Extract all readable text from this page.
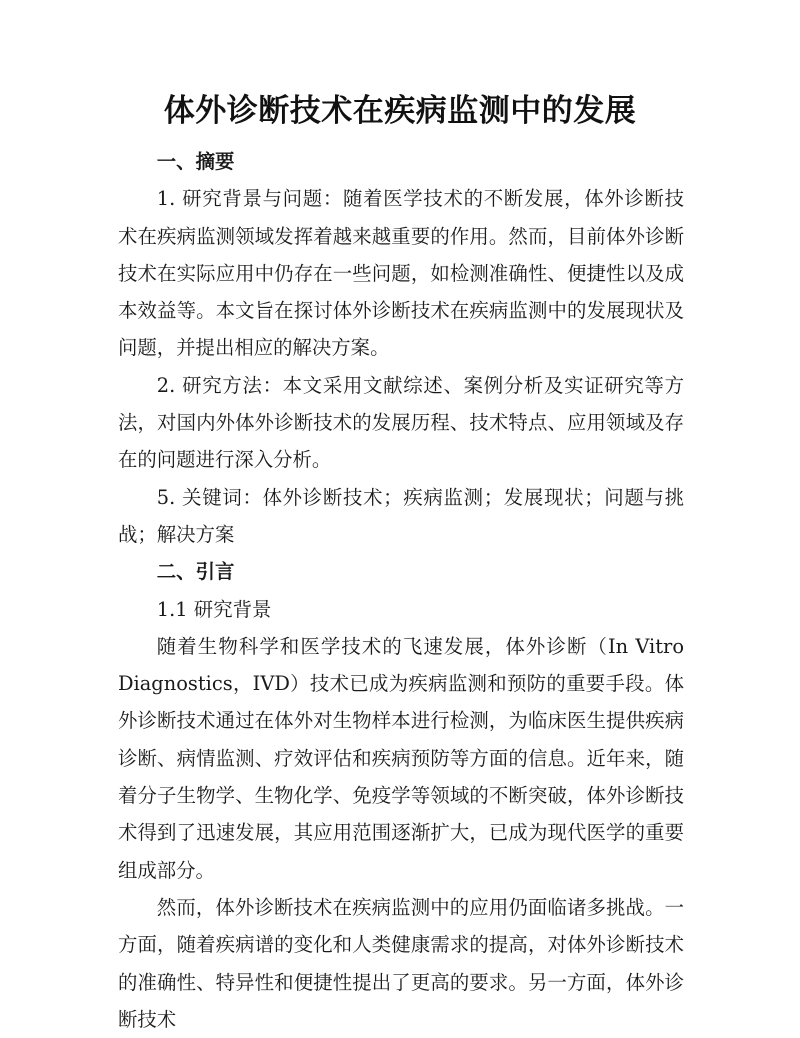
体外诊断技术在疾病监测中的发展

一、摘要

1. 研究背景与问题：随着医学技术的不断发展，体外诊断技术在疾病监测领域发挥着越来越重要的作用。然而，目前体外诊断技术在实际应用中仍存在一些问题，如检测准确性、便捷性以及成本效益等。本文旨在探讨体外诊断技术在疾病监测中的发展现状及问题，并提出相应的解决方案。

2. 研究方法：本文采用文献综述、案例分析及实证研究等方法，对国内外体外诊断技术的发展历程、技术特点、应用领域及存在的问题进行深入分析。

5. 关键词：体外诊断技术；疾病监测；发展现状；问题与挑战；解决方案

二、引言

1.1 研究背景

随着生物科学和医学技术的飞速发展，体外诊断（In Vitro Diagnostics，IVD）技术已成为疾病监测和预防的重要手段。体外诊断技术通过在体外对生物样本进行检测，为临床医生提供疾病诊断、病情监测、疗效评估和疾病预防等方面的信息。近年来，随着分子生物学、生物化学、免疫学等领域的不断突破，体外诊断技术得到了迅速发展，其应用范围逐渐扩大，已成为现代医学的重要组成部分。

然而，体外诊断技术在疾病监测中的应用仍面临诸多挑战。一方面，随着疾病谱的变化和人类健康需求的提高，对体外诊断技术的准确性、特异性和便捷性提出了更高的要求。另一方面，体外诊断技术
